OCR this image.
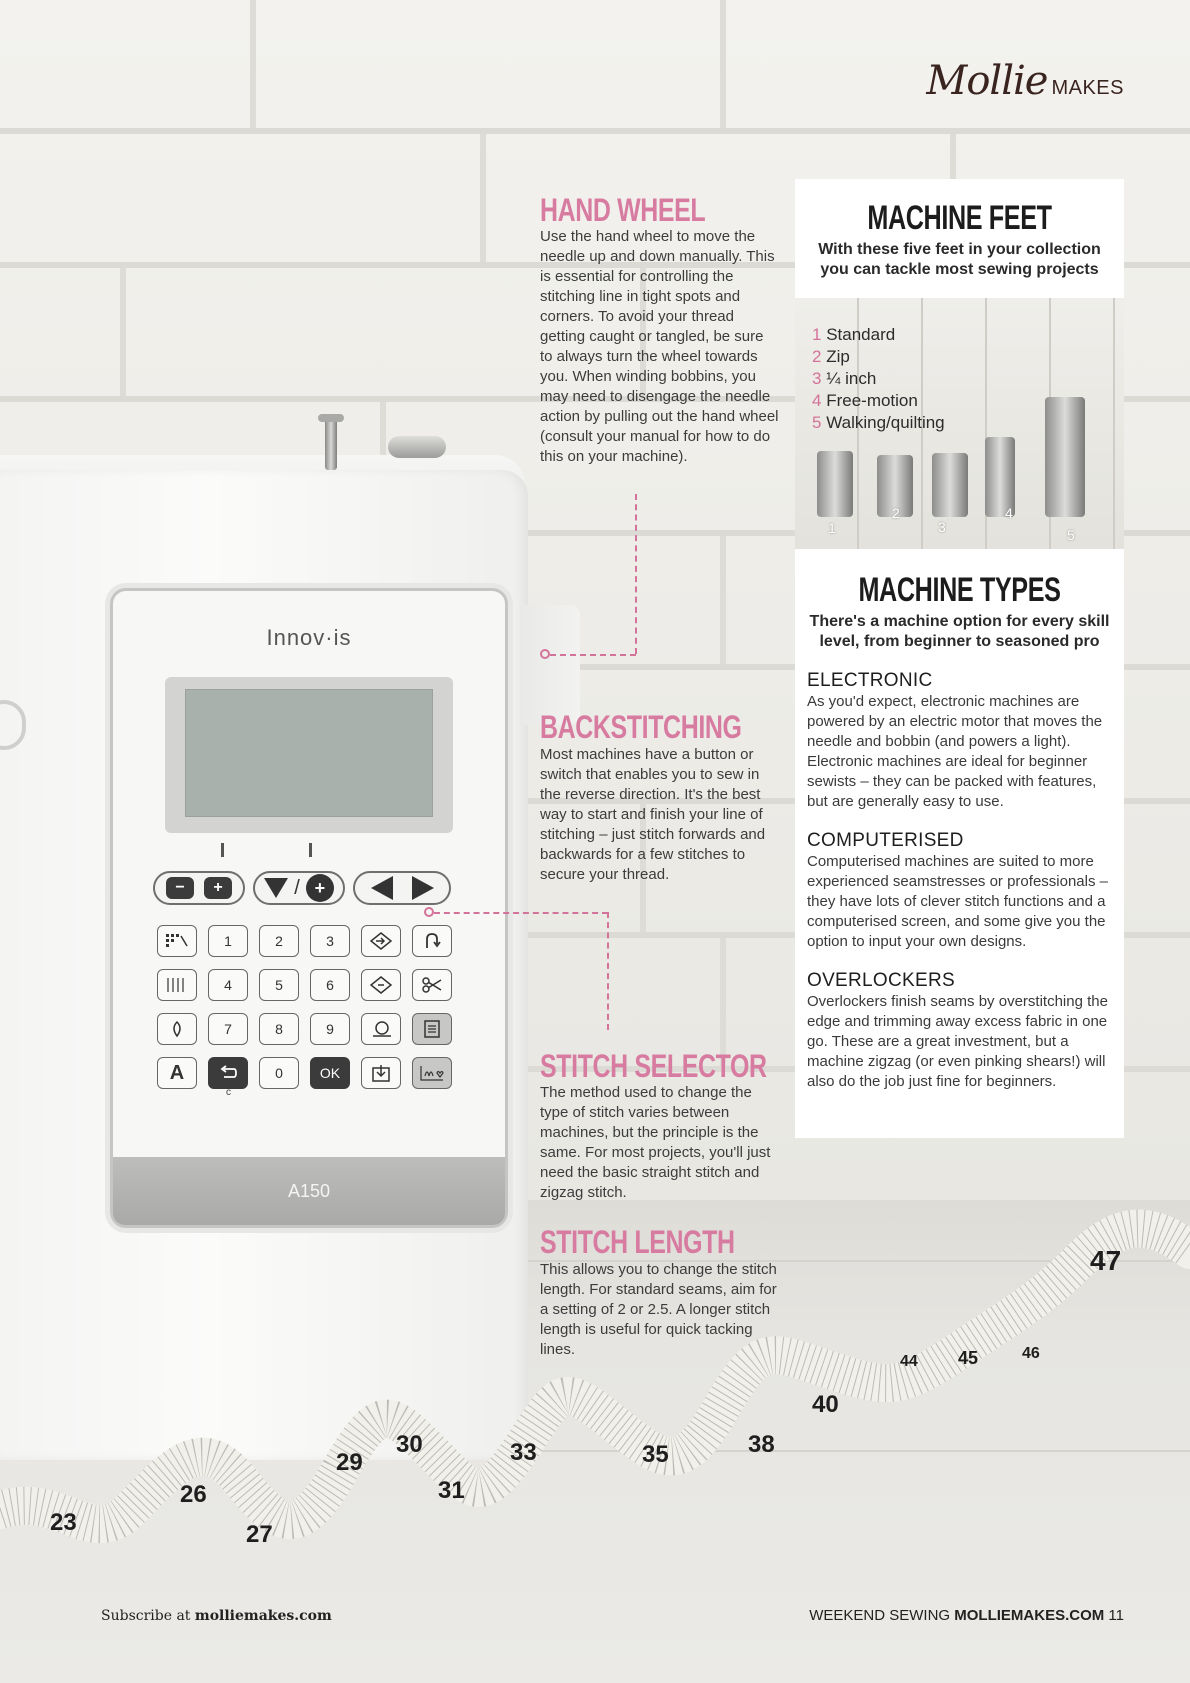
Mollie MAKES
Innov·is
−	+	/ +
1	2	3
4	5	6
7	8	9
A	0	OK
c
A150
HAND WHEEL
Use the hand wheel to move the needle up and down manually. This is essential for controlling the stitching line in tight spots and corners. To avoid your thread getting caught or tangled, be sure to always turn the wheel towards you. When winding bobbins, you may need to disengage the needle action by pulling out the hand wheel (consult your manual for how to do this on your machine).
BACKSTITCHING
Most machines have a button or switch that enables you to sew in the reverse direction. It's the best way to start and finish your line of stitching – just stitch forwards and backwards for a few stitches to secure your thread.
STITCH SELECTOR
The method used to change the type of stitch varies between machines, but the principle is the same. For most projects, you'll just need the basic straight stitch and zigzag stitch.
STITCH LENGTH
This allows you to change the stitch length. For standard seams, aim for a setting of 2 or 2.5. A longer stitch length is useful for quick tacking lines.
MACHINE FEET
With these five feet in your collection you can tackle most sewing projects
1 Standard
2 Zip
3 ¼ inch
4 Free-motion
5 Walking/quilting
1
2
3
4
5
MACHINE TYPES
There's a machine option for every skill level, from beginner to seasoned pro
ELECTRONIC
As you'd expect, electronic machines are powered by an electric motor that moves the needle and bobbin (and powers a light). Electronic machines are ideal for beginner sewists – they can be packed with features, but are generally easy to use.
COMPUTERISED
Computerised machines are suited to more experienced seamstresses or professionals – they have lots of clever stitch functions and a computerised screen, and some give you the option to input your own designs.
OVERLOCKERS
Overlockers finish seams by overstitching the edge and trimming away excess fabric in one go. These are a great investment, but a machine zigzag (or even pinking shears!) will also do the job just fine for beginners.
23
26
27
29
30
31
33	35	38
40
44 45	46
47
Subscribe at molliemakes.com	WEEKEND SEWING MOLLIEMAKES.COM 11
